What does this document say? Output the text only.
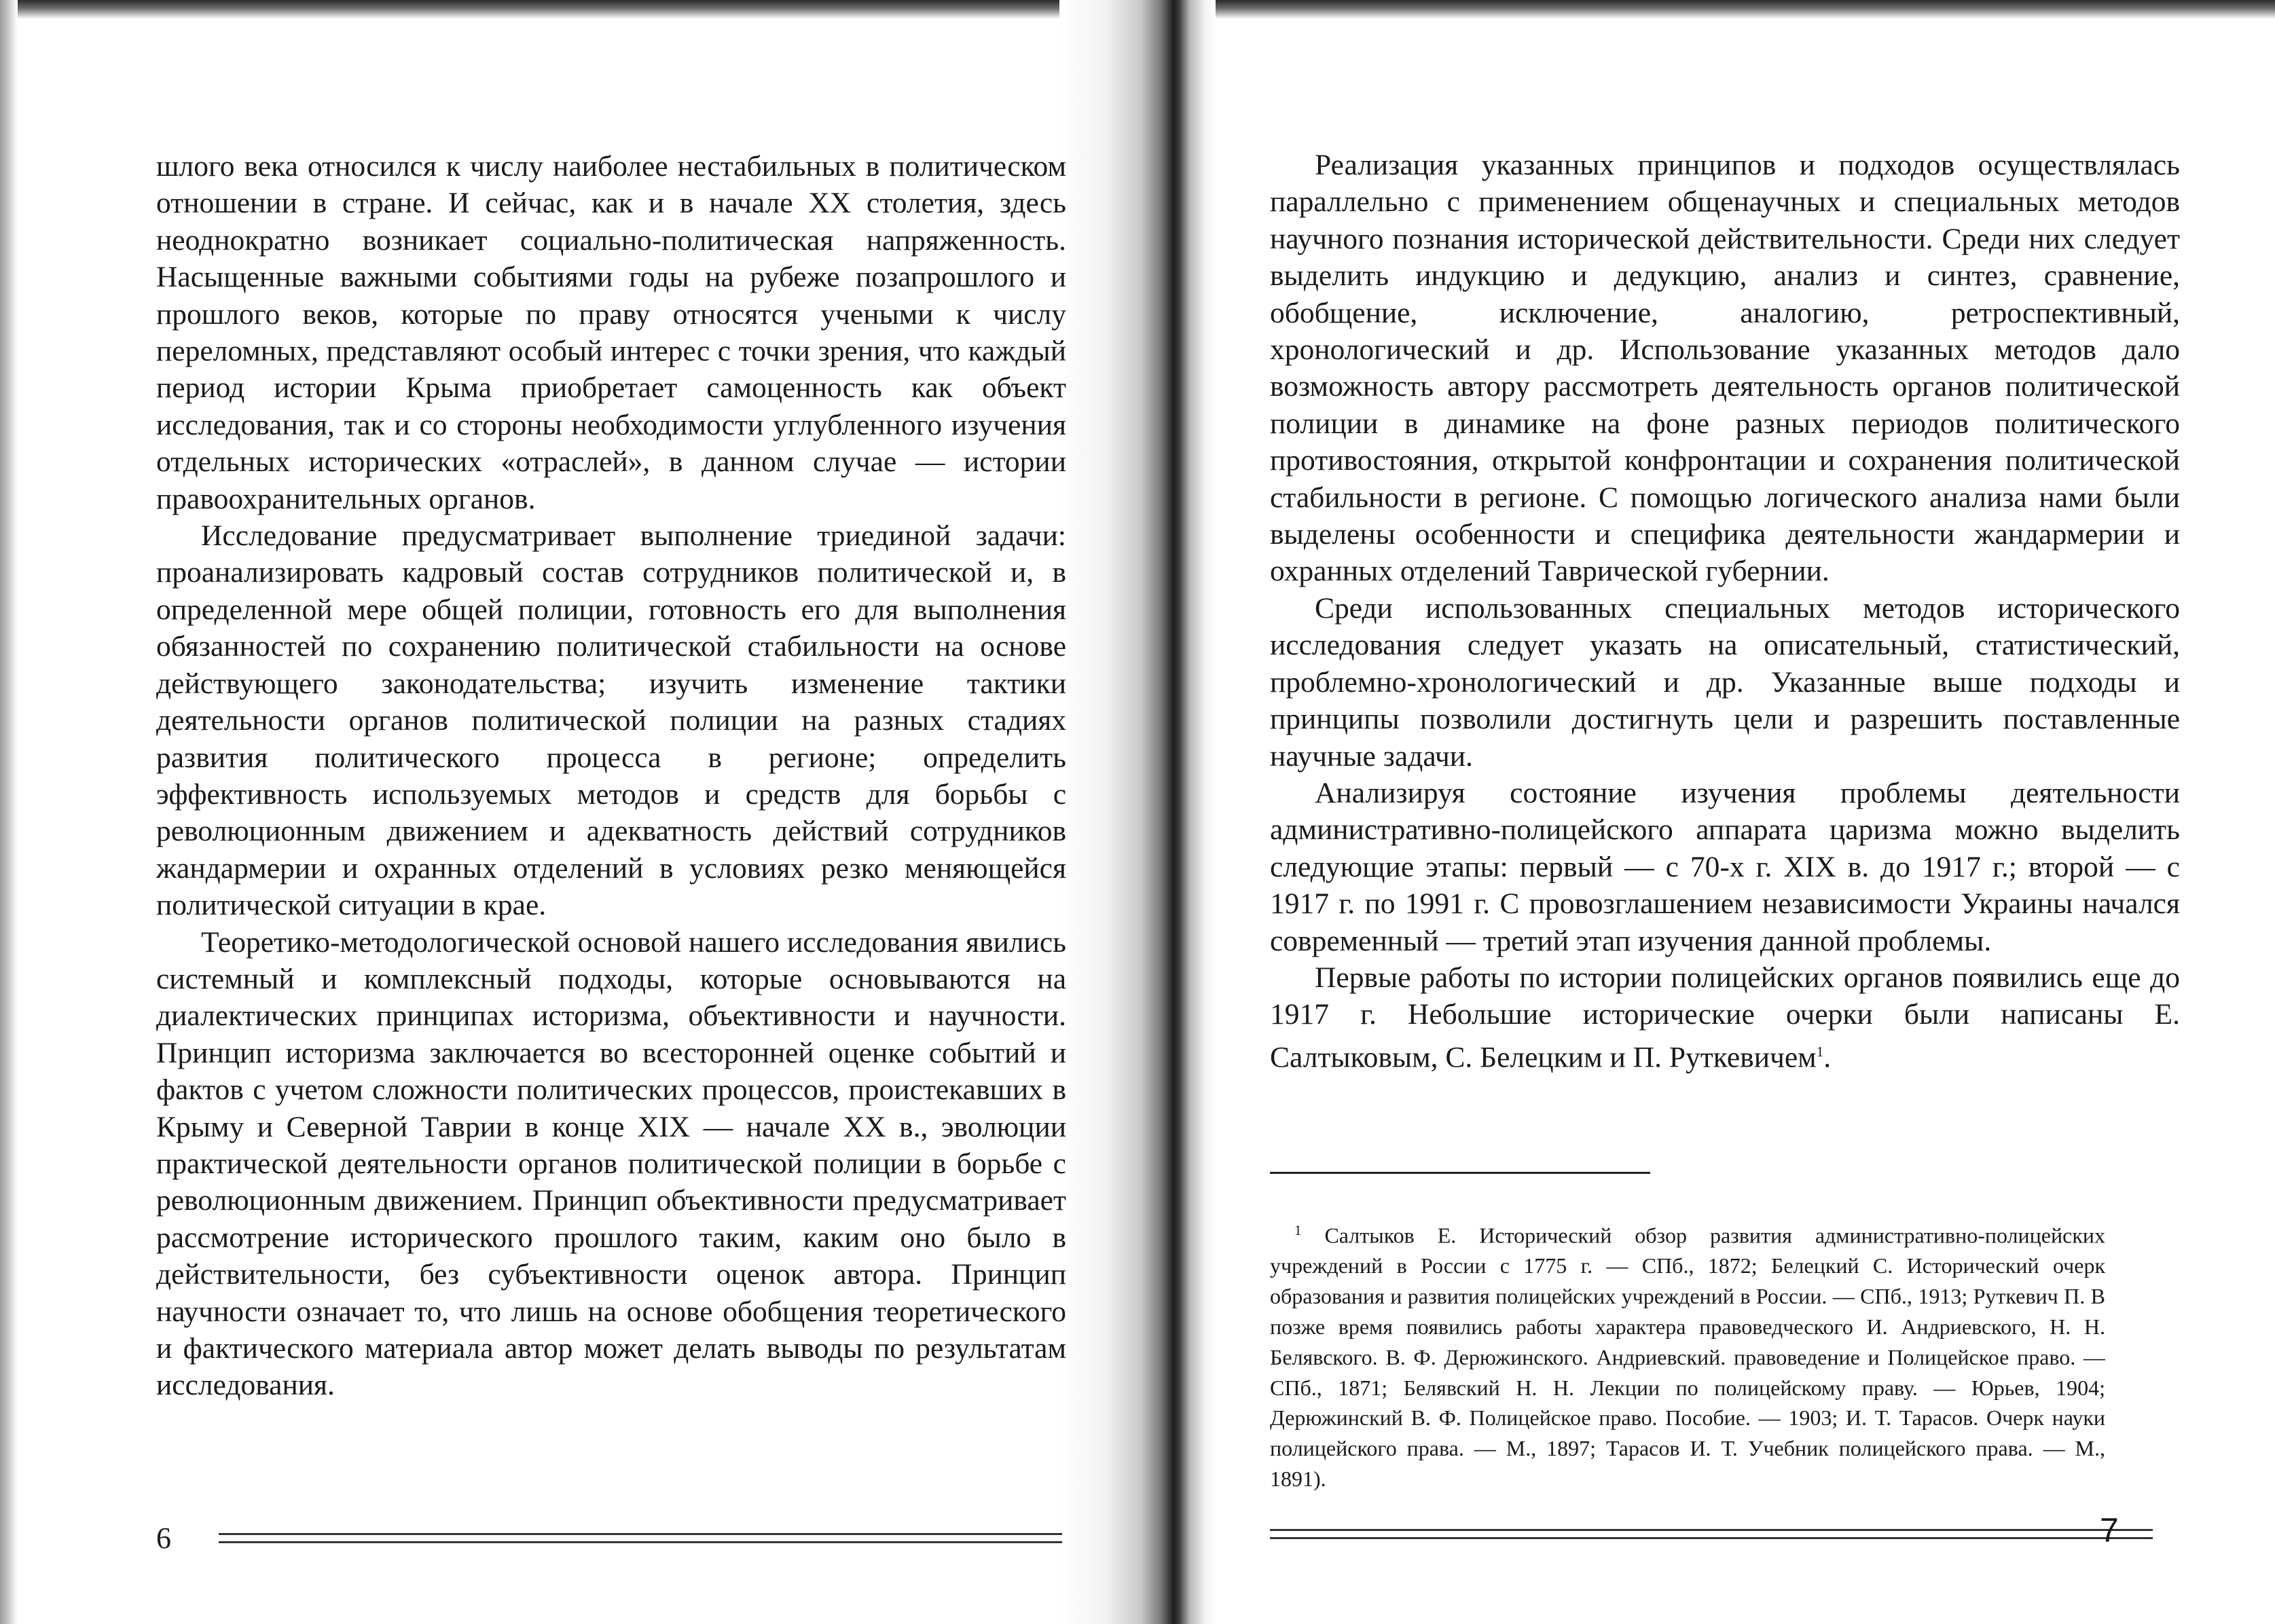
шлого века относился к числу наиболее нестабильных в политическом отношении в стране. И сейчас, как и в начале XX столетия, здесь неоднократно возникает социально-политическая напряженность. Насыщенные важными событиями годы на рубеже позапрошлого и прошлого веков, которые по праву относятся учеными к числу переломных, представляют особый интерес с точки зрения, что каждый период истории Крыма приобретает самоценность как объект исследования, так и со стороны необходимости углубленного изучения отдельных исторических «отраслей», в данном случае — истории правоохранительных органов.

Исследование предусматривает выполнение триединой задачи: проанализировать кадровый состав сотрудников политической и, в определенной мере общей полиции, готовность его для выполнения обязанностей по сохранению политической стабильности на основе действующего законодательства; изучить изменение тактики деятельности органов политической полиции на разных стадиях развития политического процесса в регионе; определить эффективность используемых методов и средств для борьбы с революционным движением и адекватность действий сотрудников жандармерии и охранных отделений в условиях резко меняющейся политической ситуации в крае.

Теоретико-методологической основой нашего исследования явились системный и комплексный подходы, которые основываются на диалектических принципах историзма, объективности и научности. Принцип историзма заключается во всесторонней оценке событий и фактов с учетом сложности политических процессов, проистекавших в Крыму и Северной Таврии в конце XIX — начале XX в., эволюции практической деятельности органов политической полиции в борьбе с революционным движением. Принцип объективности предусматривает рассмотрение исторического прошлого таким, каким оно было в действительности, без субъективности оценок автора. Принцип научности означает то, что лишь на основе обобщения теоретического и фактического материала автор может делать выводы по результатам исследования.

6

Реализация указанных принципов и подходов осуществлялась параллельно с применением общенаучных и специальных методов научного познания исторической действительности. Среди них следует выделить индукцию и дедукцию, анализ и синтез, сравнение, обобщение, исключение, аналогию, ретроспективный, хронологический и др. Использование указанных методов дало возможность автору рассмотреть деятельность органов политической полиции в динамике на фоне разных периодов политического противостояния, открытой конфронтации и сохранения политической стабильности в регионе. С помощью логического анализа нами были выделены особенности и специфика деятельности жандармерии и охранных отделений Таврической губернии.

Среди использованных специальных методов исторического исследования следует указать на описательный, статистический, проблемно-хронологический и др. Указанные выше подходы и принципы позволили достигнуть цели и разрешить поставленные научные задачи.

Анализируя состояние изучения проблемы деятельности административно-полицейского аппарата царизма можно выделить следующие этапы: первый — с 70-х г. XIX в. до 1917 г.; второй — с 1917 г. по 1991 г. С провозглашением независимости Украины начался современный — третий этап изучения данной проблемы.

Первые работы по истории полицейских органов появились еще до 1917 г. Небольшие исторические очерки были написаны Е. Салтыковым, С. Белецким и П. Руткевичем$^1$.

$^1$ Салтыков Е. Исторический обзор развития административно-полицейских учреждений в России с 1775 г. — СПб., 1872; Белецкий С. Исторический очерк образования и развития полицейских учреждений в России. — СПб., 1913; Руткевич П. В позже время появились работы характера правоведческого И. Андриевского, Н. Н. Белявского. В. Ф. Дерюжинского. Андриевский. правоведение и Полицейское право. — СПб., 1871; Белявский Н. Н. Лекции по полицейскому праву. — Юрьев, 1904; Дерюжинский В. Ф. Полицейское право. Пособие. — 1903; И. Т. Тарасов. Очерк науки полицейского права. — М., 1897; Тарасов И. Т. Учебник полицейского права. — М., 1891).

7
